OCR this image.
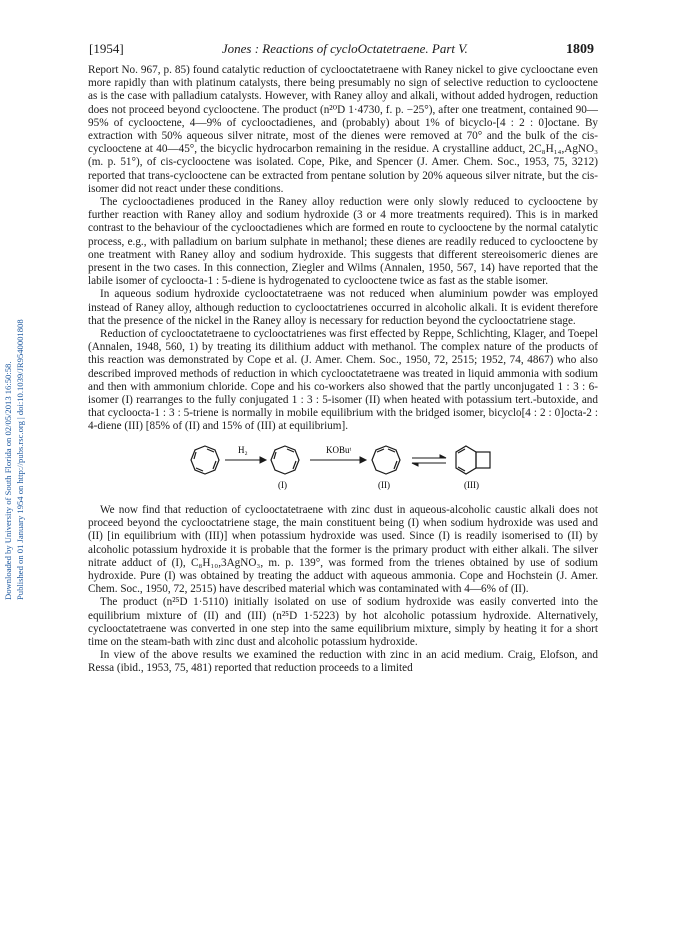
Downloaded by University of South Florida on 02/05/2013 16:50:58. Published on 01 January 1954 on http://pubs.rsc.org | doi:10.1039/JR9540001808
[1954]	Jones : Reactions of cycloOctatetraene. Part V.	1809

Report No. 967, p. 85) found catalytic reduction of cyclooctatetraene with Raney nickel to give cyclooctane even more rapidly than with platinum catalysts, there being presumably no sign of selective reduction to cyclooctene as is the case with palladium catalysts. However, with Raney alloy and alkali, without added hydrogen, reduction does not proceed beyond cyclooctene. The product (n²⁰D 1·4730, f. p. −25°), after one treatment, contained 90—95% of cyclooctene, 4—9% of cyclooctadienes, and (probably) about 1% of bicyclo-[4 : 2 : 0]octane. By extraction with 50% aqueous silver nitrate, most of the dienes were removed at 70° and the bulk of the cis-cyclooctene at 40—45°, the bicyclic hydrocarbon remaining in the residue. A crystalline adduct, 2C₈H₁₄,AgNO₃ (m. p. 51°), of cis-cyclooctene was isolated. Cope, Pike, and Spencer (J. Amer. Chem. Soc., 1953, 75, 3212) reported that trans-cyclooctene can be extracted from pentane solution by 20% aqueous silver nitrate, but the cis-isomer did not react under these conditions.

The cyclooctadienes produced in the Raney alloy reduction were only slowly reduced to cyclooctene by further reaction with Raney alloy and sodium hydroxide (3 or 4 more treatments required). This is in marked contrast to the behaviour of the cyclooctadienes which are formed en route to cyclooctene by the normal catalytic process, e.g., with palladium on barium sulphate in methanol; these dienes are readily reduced to cyclooctene by one treatment with Raney alloy and sodium hydroxide. This suggests that different stereoisomeric dienes are present in the two cases. In this connection, Ziegler and Wilms (Annalen, 1950, 567, 14) have reported that the labile isomer of cycloocta-1 : 5-diene is hydrogenated to cyclooctene twice as fast as the stable isomer.

In aqueous sodium hydroxide cyclooctatetraene was not reduced when aluminium powder was employed instead of Raney alloy, although reduction to cyclooctatrienes occurred in alcoholic alkali. It is evident therefore that the presence of the nickel in the Raney alloy is necessary for reduction beyond the cyclooctatriene stage.

Reduction of cyclooctatetraene to cyclooctatrienes was first effected by Reppe, Schlichting, Klager, and Toepel (Annalen, 1948, 560, 1) by treating its dilithium adduct with methanol. The complex nature of the products of this reaction was demonstrated by Cope et al. (J. Amer. Chem. Soc., 1950, 72, 2515; 1952, 74, 4867) who also described improved methods of reduction in which cyclooctatetraene was treated in liquid ammonia with sodium and then with ammonium chloride. Cope and his co-workers also showed that the partly unconjugated 1 : 3 : 6-isomer (I) rearranges to the fully conjugated 1 : 3 : 5-isomer (II) when heated with potassium tert.-butoxide, and that cycloocta-1 : 3 : 5-triene is normally in mobile equilibrium with the bridged isomer, bicyclo[4 : 2 : 0]octa-2 : 4-diene (III) [85% of (II) and 15% of (III) at equilibrium].

H₂
(I)
KOBuᵗ
(II)	(III)

We now find that reduction of cyclooctatetraene with zinc dust in aqueous-alcoholic caustic alkali does not proceed beyond the cyclooctatriene stage, the main constituent being (I) when sodium hydroxide was used and (II) [in equilibrium with (III)] when potassium hydroxide was used. Since (I) is readily isomerised to (II) by alcoholic potassium hydroxide it is probable that the former is the primary product with either alkali. The silver nitrate adduct of (I), C₈H₁₀,3AgNO₃, m. p. 139°, was formed from the trienes obtained by use of sodium hydroxide. Pure (I) was obtained by treating the adduct with aqueous ammonia. Cope and Hochstein (J. Amer. Chem. Soc., 1950, 72, 2515) have described material which was contaminated with 4—6% of (II).

The product (n²⁵D 1·5110) initially isolated on use of sodium hydroxide was easily converted into the equilibrium mixture of (II) and (III) (n²⁵D 1·5223) by hot alcoholic potassium hydroxide. Alternatively, cyclooctatetraene was converted in one step into the same equilibrium mixture, simply by heating it for a short time on the steam-bath with zinc dust and alcoholic potassium hydroxide.

In view of the above results we examined the reduction with zinc in an acid medium. Craig, Elofson, and Ressa (ibid., 1953, 75, 481) reported that reduction proceeds to a limited
